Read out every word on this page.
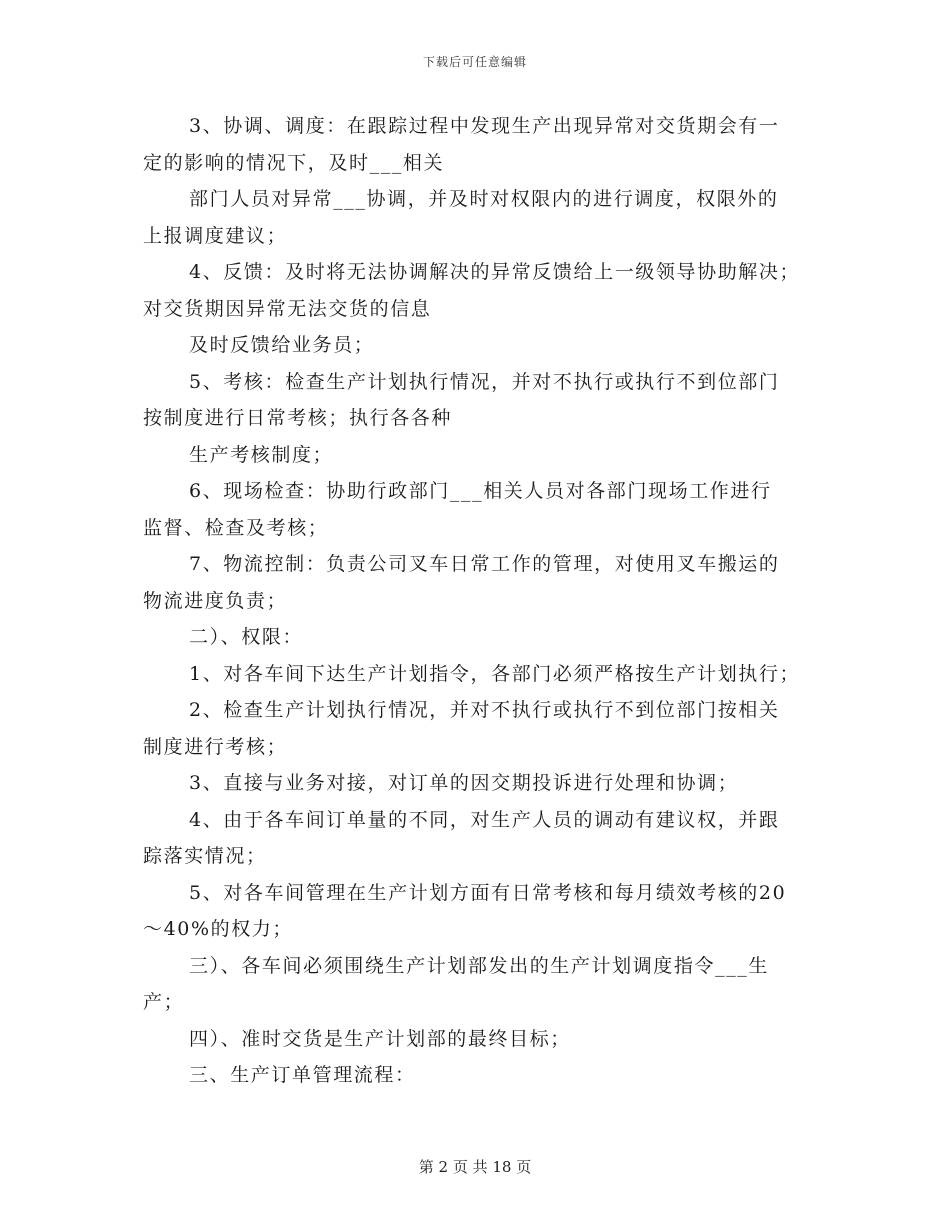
下载后可任意编辑
3、协调、调度：在跟踪过程中发现生产出现异常对交货期会有一
定的影响的情况下，及时___相关
部门人员对异常___协调，并及时对权限内的进行调度，权限外的
上报调度建议；
4、反馈：及时将无法协调解决的异常反馈给上一级领导协助解决；
对交货期因异常无法交货的信息
及时反馈给业务员；
5、考核：检查生产计划执行情况，并对不执行或执行不到位部门
按制度进行日常考核；执行各各种
生产考核制度；
6、现场检查：协助行政部门___相关人员对各部门现场工作进行
监督、检查及考核；
7、物流控制：负责公司叉车日常工作的管理，对使用叉车搬运的
物流进度负责；
二）、权限：
1、对各车间下达生产计划指令，各部门必须严格按生产计划执行；
2、检查生产计划执行情况，并对不执行或执行不到位部门按相关
制度进行考核；
3、直接与业务对接，对订单的因交期投诉进行处理和协调；
4、由于各车间订单量的不同，对生产人员的调动有建议权，并跟
踪落实情况；
5、对各车间管理在生产计划方面有日常考核和每月绩效考核的20
～40%的权力；
三）、各车间必须围绕生产计划部发出的生产计划调度指令___生
产；
四）、准时交货是生产计划部的最终目标；
三、生产订单管理流程：
第 2 页 共 18 页
